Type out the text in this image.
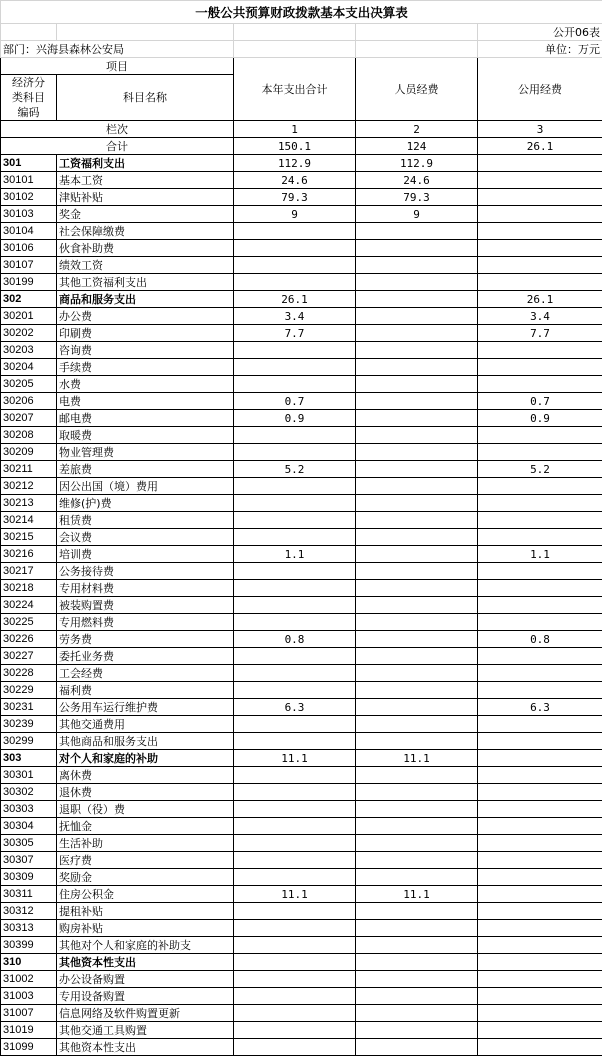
一般公共预算财政拨款基本支出决算表				
				公开06表
部门：兴海县森林公安局				单位：万元
项目		本年支出合计	人员经费	公用经费
经济分
类科目
编码	科目名称			

栏次		1	2	3
合计		150.1	124	26.1
301	工资福利支出	112.9	112.9	
30101	基本工资	24.6	24.6	
30102	津贴补贴	79.3	79.3	
30103	奖金	9	9	
30104	社会保障缴费			
30106	伙食补助费			
30107	绩效工资			
30199	其他工资福利支出			
302	商品和服务支出	26.1		26.1
30201	办公费	3.4		3.4
30202	印刷费	7.7		7.7
30203	咨询费			
30204	手续费			
30205	水费			
30206	电费	0.7		0.7
30207	邮电费	0.9		0.9
30208	取暖费			
30209	物业管理费			
30211	差旅费	5.2		5.2
30212	因公出国（境）费用			
30213	维修(护)费			
30214	租赁费			
30215	会议费			
30216	培训费	1.1		1.1
30217	公务接待费			
30218	专用材料费			
30224	被装购置费			
30225	专用燃料费			
30226	劳务费	0.8		0.8
30227	委托业务费			
30228	工会经费			
30229	福利费			
30231	公务用车运行维护费	6.3		6.3
30239	其他交通费用			
30299	其他商品和服务支出			
303	对个人和家庭的补助	11.1	11.1	
30301	离休费			
30302	退休费			
30303	退职（役）费			
30304	抚恤金			
30305	生活补助			
30307	医疗费			
30309	奖励金			
30311	住房公积金	11.1	11.1	
30312	提租补贴			
30313	购房补贴			
30399	其他对个人和家庭的补助支			
310	其他资本性支出			
31002	办公设备购置			
31003	专用设备购置			
31007	信息网络及软件购置更新			
31019	其他交通工具购置			
31099	其他资本性支出			
